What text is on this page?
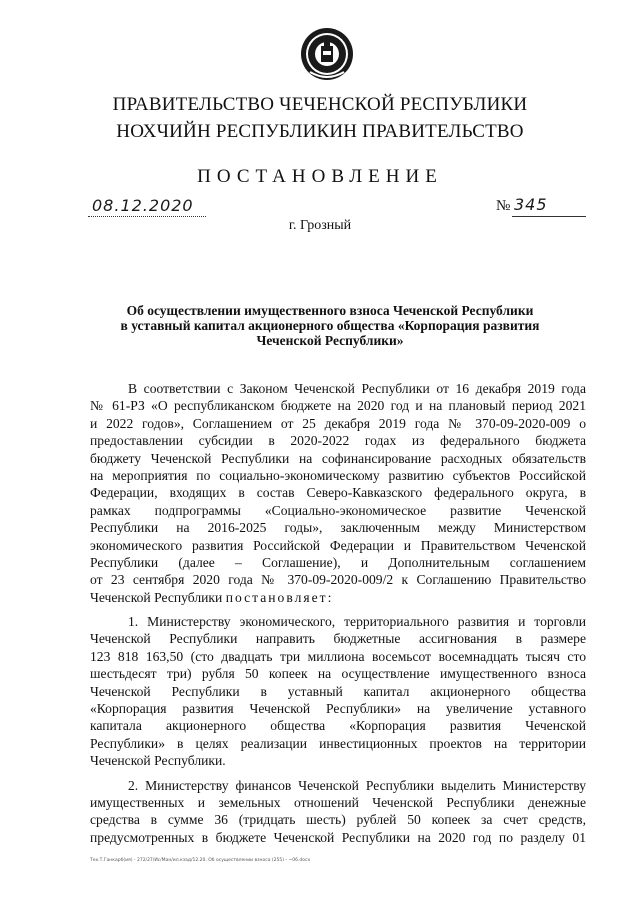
ПРАВИТЕЛЬСТВО ЧЕЧЕНСКОЙ РЕСПУБЛИКИ
НОХЧИЙН РЕСПУБЛИКИН ПРАВИТЕЛЬСТВО
ПОСТАНОВЛЕНИЕ
08.12.2020	№ 345
г. Грозный
Об осуществлении имущественного взноса Чеченской Республики
в уставный капитал акционерного общества «Корпорация развития
Чеченской Республики»
В соответствии с Законом Чеченской Республики от 16 декабря 2019 года
№ 61-РЗ «О республиканском бюджете на 2020 год и на плановый период 2021
и 2022 годов», Соглашением от 25 декабря 2019 года № 370-09-2020-009 о
предоставлении субсидии в 2020-2022 годах из федерального бюджета
бюджету Чеченской Республики на софинансирование расходных обязательств
на мероприятия по социально-экономическому развитию субъектов Российской
Федерации, входящих в состав Северо-Кавказского федерального округа, в
рамках подпрограммы «Социально-экономическое развитие Чеченской
Республики на 2016-2025 годы», заключенным между Министерством
экономического развития Российской Федерации и Правительством Чеченской
Республики (далее – Соглашение), и Дополнительным соглашением
от 23 сентября 2020 года № 370-09-2020-009/2 к Соглашению Правительство
Чеченской Республики постановляет:
1. Министерству экономического, территориального развития и торговли
Чеченской Республики направить бюджетные ассигнования в размере
123 818 163,50 (сто двадцать три миллиона восемьсот восемнадцать тысяч сто
шестьдесят три) рубля 50 копеек на осуществление имущественного взноса
Чеченской Республики в уставный капитал акционерного общества
«Корпорация развития Чеченской Республики» на увеличение уставного
капитала акционерного общества «Корпорация развития Чеченской
Республики» в целях реализации инвестиционных проектов на территории
Чеченской Республики.
2. Министерству финансов Чеченской Республики выделить Министерству
имущественных и земельных отношений Чеченской Республики денежные
средства в сумме 36 (тридцать шесть) рублей 50 копеек за счет средств,
предусмотренных в бюджете Чеченской Республики на 2020 год по разделу 01
Тех.Т.Ганкарб(ия) - 272/27/Ис/Ман/ил.кзад/12.20. Об осуществлении взноса (255) - ~06.docx
